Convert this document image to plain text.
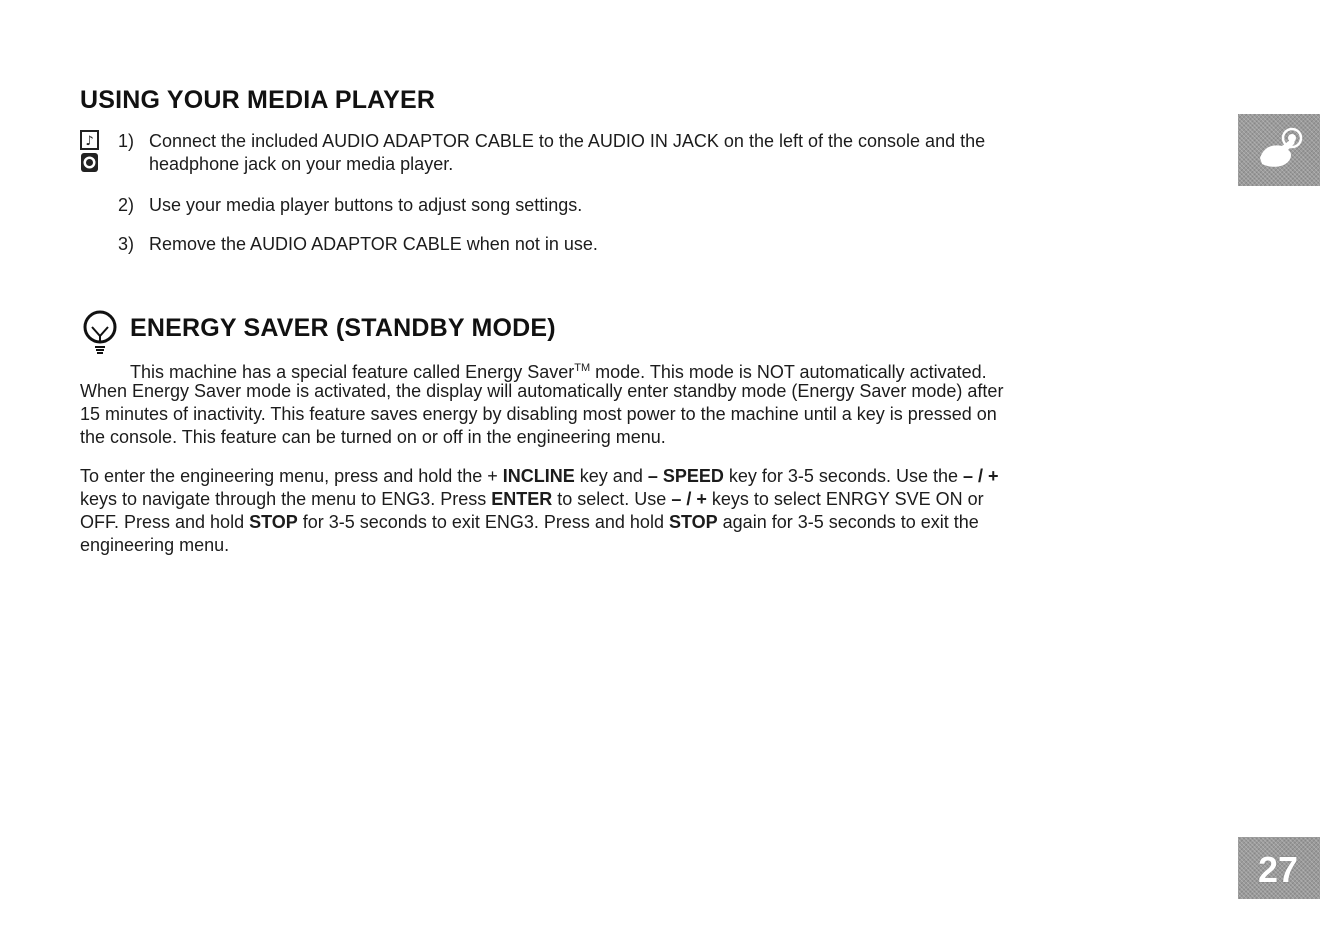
USING YOUR MEDIA PLAYER
♪ 1) Connect the included AUDIO ADAPTOR CABLE to the AUDIO IN JACK on the left of the console and the
headphone jack on your media player.
2) Use your media player buttons to adjust song settings.
3) Remove the AUDIO ADAPTOR CABLE when not in use.
ENERGY SAVER (STANDBY MODE)
This machine has a special feature called Energy Saver™ mode. This mode is NOT automatically activated.
When Energy Saver mode is activated, the display will automatically enter standby mode (Energy Saver mode) after
15 minutes of inactivity. This feature saves energy by disabling most power to the machine until a key is pressed on
the console. This feature can be turned on or off in the engineering menu.
To enter the engineering menu, press and hold the + INCLINE key and – SPEED key for 3-5 seconds. Use the – / +
keys to navigate through the menu to ENG3. Press ENTER to select. Use – / + keys to select ENRGY SVE ON or
OFF. Press and hold STOP for 3-5 seconds to exit ENG3. Press and hold STOP again for 3-5 seconds to exit the
engineering menu.
27
